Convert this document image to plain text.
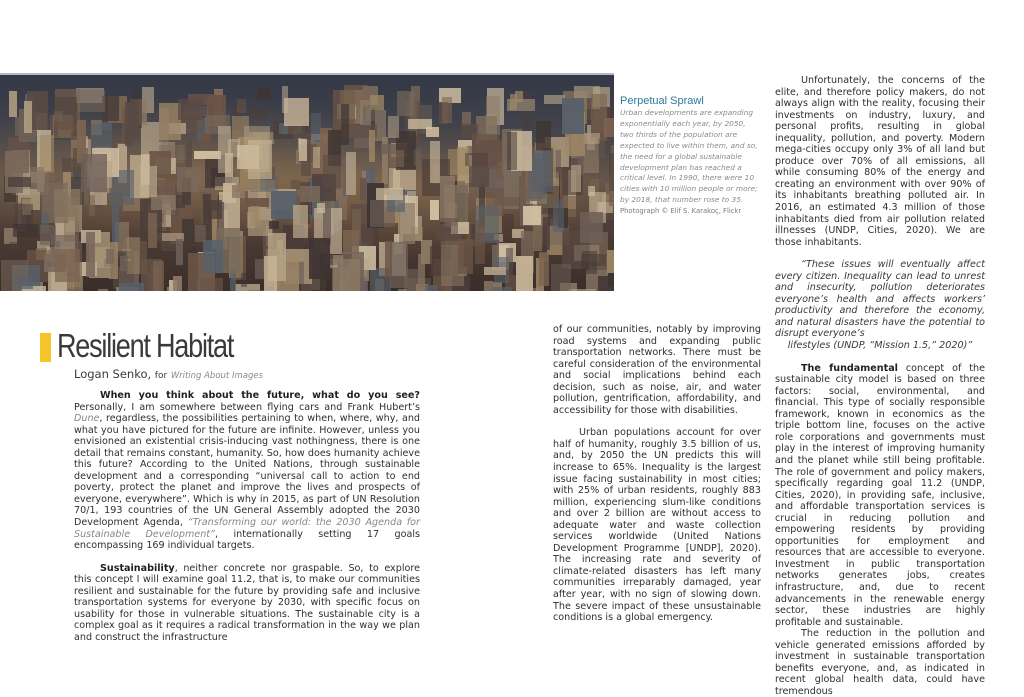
Perpetual Sprawl

Urban developments are expanding exponentially each year, by 2050, two thirds of the population are expected to live within them, and so, the need for a global sustainable development plan has reached a critical level. In 1990, there were 10 cities with 10 million people or more; by 2018, that number rose to 35.

Photograph © Elif S. Karakoç, Flickr
Resilient Habitat
Logan Senko, for Writing About Images

When you think about the future, what do you see? Personally, I am somewhere between flying cars and Frank Hubert’s Dune, regardless, the possibilities pertaining to when, where, why, and what you have pictured for the future are infinite. However, unless you envisioned an existential crisis-inducing vast nothingness, there is one detail that remains constant, humanity. So, how does humanity achieve this future? According to the United Nations, through sustainable development and a corresponding “universal call to action to end poverty, protect the planet and improve the lives and prospects of everyone, everywhere”. Which is why in 2015, as part of UN Resolution 70/1, 193 countries of the UN General Assembly adopted the 2030 Development Agenda, “Transforming our world: the 2030 Agenda for Sustainable Development”, internationally setting 17 goals encompassing 169 individual targets.

Sustainability, neither concrete nor graspable. So, to explore this concept I will examine goal 11.2, that is, to make our communities resilient and sustainable for the future by providing safe and inclusive transportation systems for everyone by 2030, with specific focus on usability for those in vulnerable situations. The sustainable city is a complex goal as it requires a radical transformation in the way we plan and construct the infrastructure

of our communities, notably by improving road systems and expanding public transportation networks. There must be careful consideration of the environmental and social implications behind each decision, such as noise, air, and water pollution, gentrification, affordability, and accessibility for those with disabilities.

Urban populations account for over half of humanity, roughly 3.5 billion of us, and, by 2050 the UN predicts this will increase to 65%. Inequality is the largest issue facing sustainability in most cities; with 25% of urban residents, roughly 883 million, experiencing slum-like conditions and over 2 billion are without access to adequate water and waste collection services worldwide (United Nations Development Programme [UNDP], 2020). The increasing rate and severity of climate-related disasters has left many communities irreparably damaged, year after year, with no sign of slowing down. The severe impact of these unsustainable conditions is a global emergency.

Unfortunately, the concerns of the elite, and therefore policy makers, do not always align with the reality, focusing their investments on industry, luxury, and personal profits, resulting in global inequality, pollution, and poverty. Modern mega-cities occupy only 3% of all land but produce over 70% of all emissions, all while consuming 80% of the energy and creating an environment with over 90% of its inhabitants breathing polluted air. In 2016, an estimated 4.3 million of those inhabitants died from air pollution related illnesses (UNDP, Cities, 2020). We are those inhabitants.

“These issues will eventually affect every citizen. Inequality can lead to unrest and insecurity, pollution deteriorates everyone’s health and affects workers’ productivity and therefore the economy, and natural disasters have the potential to disrupt everyone’s

lifestyles (UNDP, “Mission 1.5,” 2020)”

The fundamental concept of the sustainable city model is based on three factors: social, environmental, and financial. This type of socially responsible framework, known in economics as the triple bottom line, focuses on the active role corporations and governments must play in the interest of improving humanity and the planet while still being profitable. The role of government and policy makers, specifically regarding goal 11.2 (UNDP, Cities, 2020), in providing safe, inclusive, and affordable transportation services is crucial in reducing pollution and empowering residents by providing opportunities for employment and resources that are accessible to everyone. Investment in public transportation networks generates jobs, creates infrastructure, and, due to recent advancements in the renewable energy sector, these industries are highly profitable and sustainable.

The reduction in the pollution and vehicle generated emissions afforded by investment in sustainable transportation benefits everyone, and, as indicated in recent global health data, could have tremendous
